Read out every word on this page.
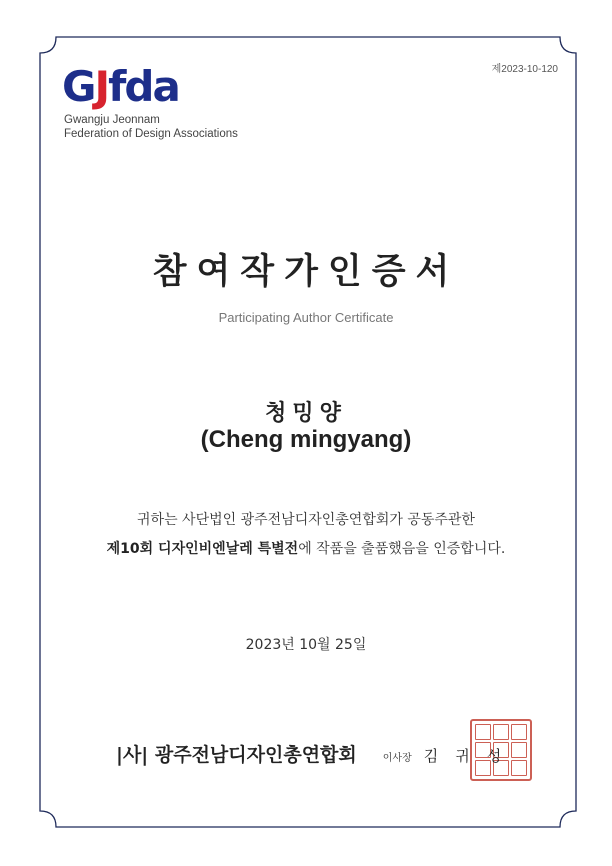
GJfda
Gwangju Jeonnam
Federation of Design Associations
제2023-10-120
참여작가인증서
Participating Author Certificate
청밍양
(Cheng mingyang)
귀하는 사단법인 광주전남디자인총연합회가 공동주관한
제10회 디자인비엔날레 특별전에 작품을 출품했음을 인증합니다.
2023년 10월 25일
|사| 광주전남디자인총연합회	이사장 김귀성
